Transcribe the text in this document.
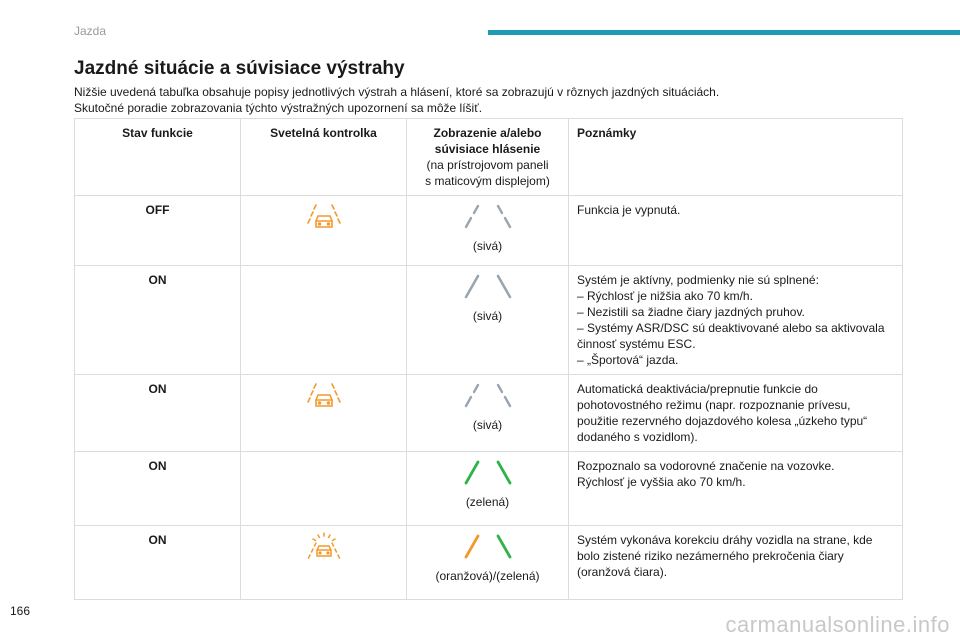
Jazda
Jazdné situácie a súvisiace výstrahy
Nižšie uvedená tabuľka obsahuje popisy jednotlivých výstrah a hlásení, ktoré sa zobrazujú v rôznych jazdných situáciách.
Skutočné poradie zobrazovania týchto výstražných upozornení sa môže líšiť.
Stav funkcie	Svetelná kontrolka	Zobrazenie a/alebo
súvisiace hlásenie
(na prístrojovom paneli
s maticovým displejom)	Poznámky
OFF		(sivá)	Funkcia je vypnutá.

ON		(sivá)	Systém je aktívny, podmienky nie sú splnené:
– Rýchlosť je nižšia ako 70 km/h.
– Nezistili sa žiadne čiary jazdných pruhov.
– Systémy ASR/DSC sú deaktivované alebo sa aktivovala činnosť systému ESC.
– „Športová“ jazda.

ON		(sivá)	Automatická deaktivácia/prepnutie funkcie do pohotovostného režimu (napr. rozpoznanie prívesu, použitie rezervného dojazdového kolesa „úzkeho typu“ dodaného s vozidlom).

ON		(zelená)	Rozpoznalo sa vodorovné značenie na vozovke.
Rýchlosť je vyššia ako 70 km/h.

ON		(oranžová)/(zelená)	Systém vykonáva korekciu dráhy vozidla na strane, kde bolo zistené riziko nezámerného prekročenia čiary (oranžová čiara).
166
carmanualsonline.info
